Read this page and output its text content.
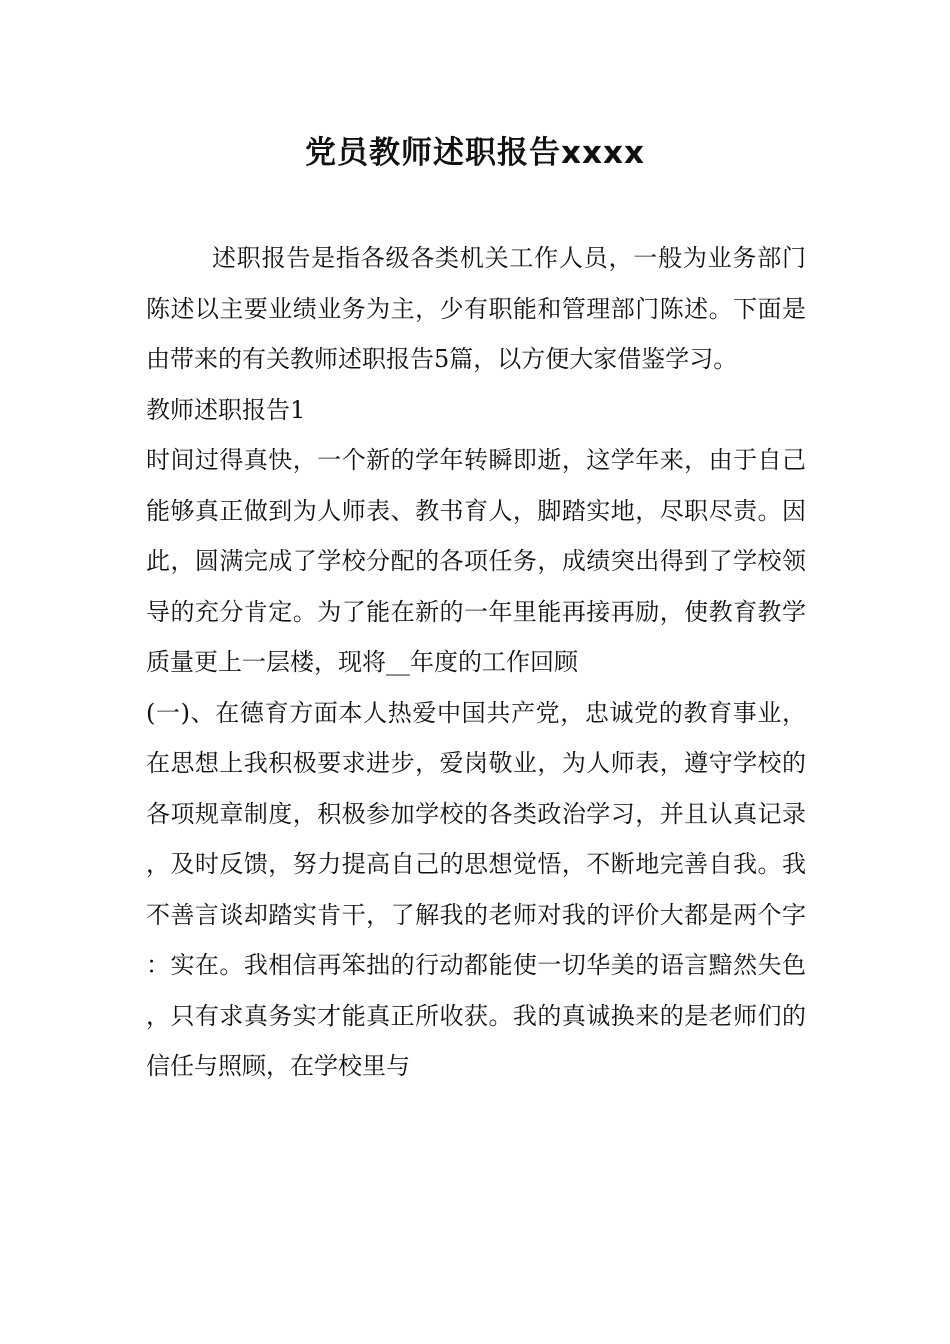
党员教师述职报告xxxx

述职报告是指各级各类机关工作人员，一般为业务部门陈述以主要业绩业务为主，少有职能和管理部门陈述。下面是由带来的有关教师述职报告5篇，以方便大家借鉴学习。

教师述职报告1

时间过得真快，一个新的学年转瞬即逝，这学年来，由于自己能够真正做到为人师表、教书育人，脚踏实地，尽职尽责。因此，圆满完成了学校分配的各项任务，成绩突出得到了学校领导的充分肯定。为了能在新的一年里能再接再励，使教育教学质量更上一层楼，现将__年度的工作回顾

(一)、在德育方面本人热爱中国共产党，忠诚党的教育事业，在思想上我积极要求进步，爱岗敬业，为人师表，遵守学校的各项规章制度，积极参加学校的各类政治学习，并且认真记录，及时反馈，努力提高自己的思想觉悟，不断地完善自我。我不善言谈却踏实肯干，了解我的老师对我的评价大都是两个字：实在。我相信再笨拙的行动都能使一切华美的语言黯然失色，只有求真务实才能真正所收获。我的真诚换来的是老师们的信任与照顾，在学校里与
